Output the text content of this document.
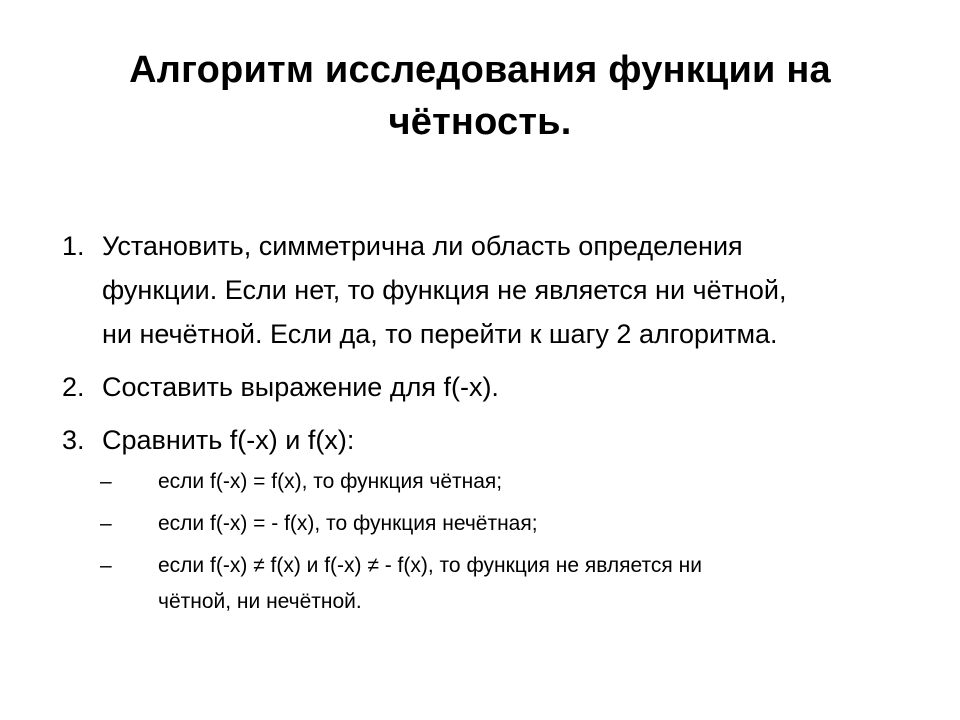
Алгоритм исследования функции на
чётность.
1. Установить, симметрична ли область определения
функции. Если нет, то функция не является ни чётной,
ни нечётной. Если да, то перейти к шагу 2 алгоритма.
2. Составить выражение для f(-x).
3. Сравнить f(-x) и f(x):
–	если f(-x) = f(x), то функция чётная;
–	если f(-x) = - f(x), то функция нечётная;
–	если f(-x) ≠ f(x) и f(-x) ≠ - f(x), то функция не является ни
чётной, ни нечётной.
